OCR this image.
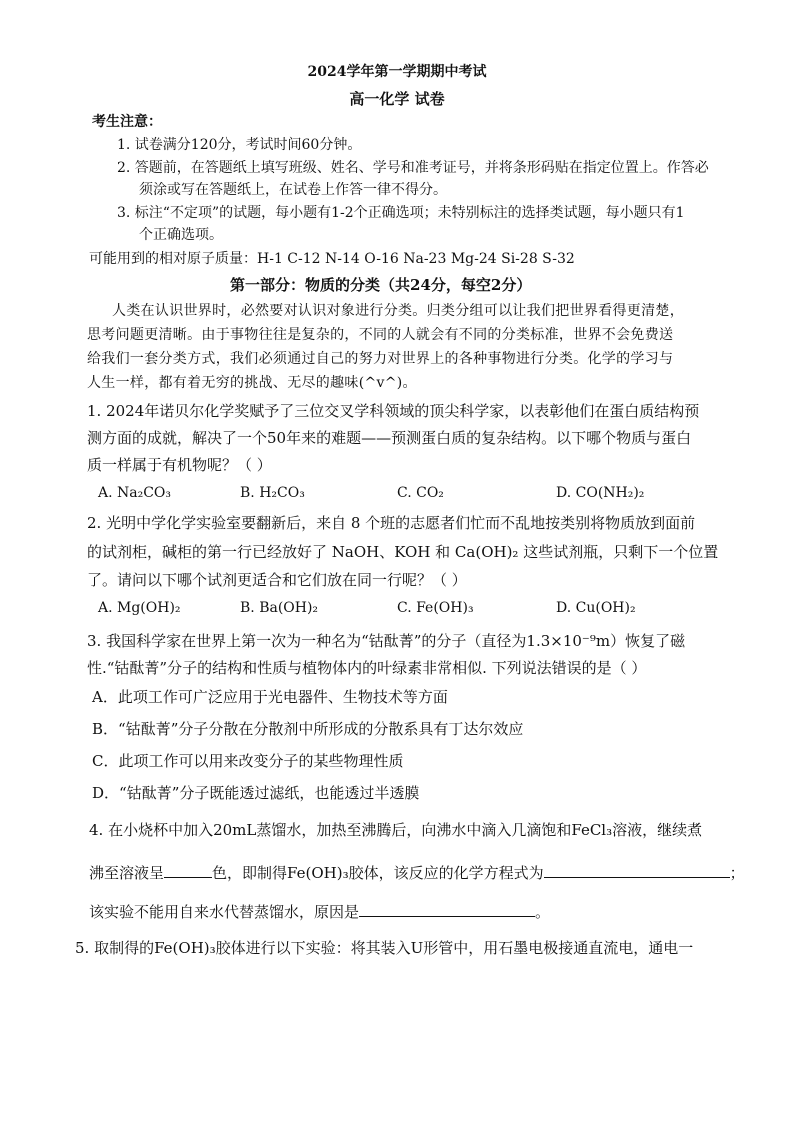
2024学年第一学期期中考试
高一化学 试卷
考生注意：
1. 试卷满分120分，考试时间60分钟。
2. 答题前，在答题纸上填写班级、姓名、学号和准考证号，并将条形码贴在指定位置上。作答必
须涂或写在答题纸上，在试卷上作答一律不得分。
3. 标注“不定项”的试题，每小题有1-2个正确选项；未特别标注的选择类试题，每小题只有1
个正确选项。
可能用到的相对原子质量：H-1 C-12 N-14 O-16 Na-23 Mg-24 Si-28 S-32
第一部分：物质的分类（共24分，每空2分）
人类在认识世界时，必然要对认识对象进行分类。归类分组可以让我们把世界看得更清楚，
思考问题更清晰。由于事物往往是复杂的，不同的人就会有不同的分类标准，世界不会免费送
给我们一套分类方式，我们必须通过自己的努力对世界上的各种事物进行分类。化学的学习与
人生一样，都有着无穷的挑战、无尽的趣味(^v^)。
1. 2024年诺贝尔化学奖赋予了三位交叉学科领域的顶尖科学家，以表彰他们在蛋白质结构预
测方面的成就，解决了一个50年来的难题——预测蛋白质的复杂结构。以下哪个物质与蛋白
质一样属于有机物呢？（ ）
A. Na₂CO₃	B. H₂CO₃	C. CO₂	D. CO(NH₂)₂
2. 光明中学化学实验室要翻新后，来自 8 个班的志愿者们忙而不乱地按类别将物质放到面前
的试剂柜，碱柜的第一行已经放好了 NaOH、KOH 和 Ca(OH)₂ 这些试剂瓶，只剩下一个位置
了。请问以下哪个试剂更适合和它们放在同一行呢？（ ）
A. Mg(OH)₂	B. Ba(OH)₂	C. Fe(OH)₃	D. Cu(OH)₂
3. 我国科学家在世界上第一次为一种名为“钴酞菁”的分子（直径为1.3×10⁻⁹m）恢复了磁
性.“钴酞菁”分子的结构和性质与植物体内的叶绿素非常相似. 下列说法错误的是（ ）
A．此项工作可广泛应用于光电器件、生物技术等方面
B．“钴酞菁”分子分散在分散剂中所形成的分散系具有丁达尔效应
C．此项工作可以用来改变分子的某些物理性质
D．“钴酞菁”分子既能透过滤纸，也能透过半透膜
4. 在小烧杯中加入20mL蒸馏水，加热至沸腾后，向沸水中滴入几滴饱和FeCl₃溶液，继续煮
沸至溶液呈	色，即制得Fe(OH)₃胶体，该反应的化学方程式为	；
该实验不能用自来水代替蒸馏水，原因是	。
5. 取制得的Fe(OH)₃胶体进行以下实验：将其装入U形管中，用石墨电极接通直流电，通电一
